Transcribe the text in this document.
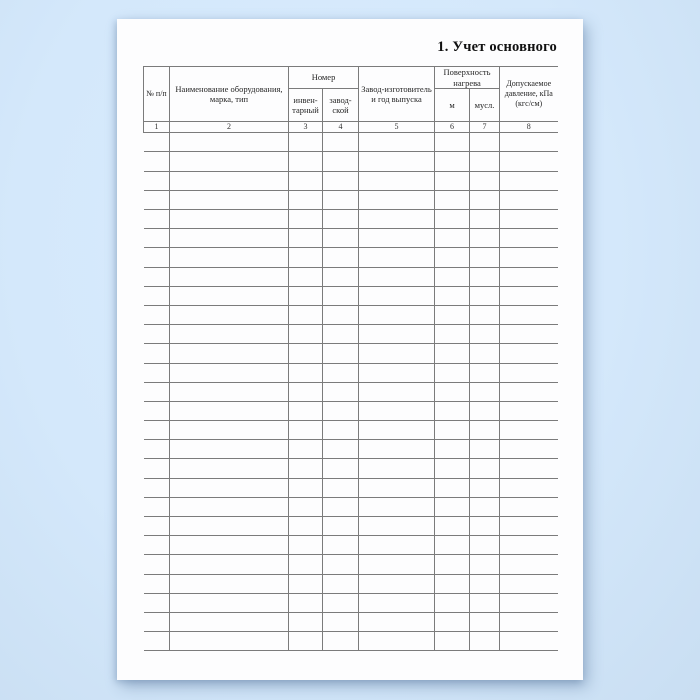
1. Учет основного
№ п/п	Наименование оборудования, марка, тип	Номер		Завод-изготовитель и год выпуска	Поверхность нагрева		Допускаемое давление, кПа (кгс/см)
		инвен-тарный	завод-ской		м	мусл.	
1	2	3	4	5	6	7	8
